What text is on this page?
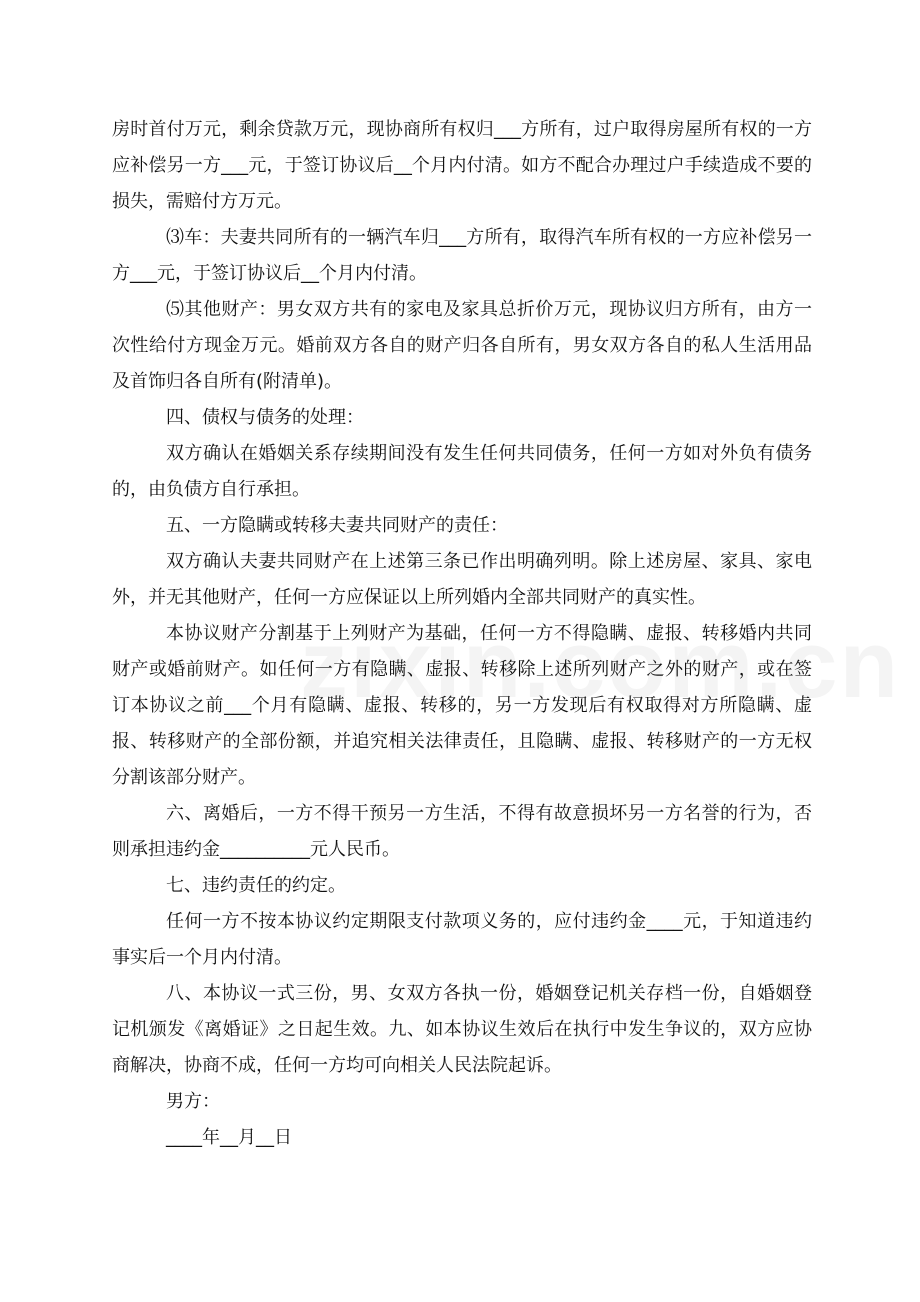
房时首付万元，剩余贷款万元，现协商所有权归___方所有，过户取得房屋所有权的一方应补偿另一方___元，于签订协议后__个月内付清。如方不配合办理过户手续造成不要的损失，需赔付方万元。

⑶车：夫妻共同所有的一辆汽车归___方所有，取得汽车所有权的一方应补偿另一方___元，于签订协议后__个月内付清。

⑸其他财产：男女双方共有的家电及家具总折价万元，现协议归方所有，由方一次性给付方现金万元。婚前双方各自的财产归各自所有，男女双方各自的私人生活用品及首饰归各自所有(附清单)。

四、债权与债务的处理：

双方确认在婚姻关系存续期间没有发生任何共同债务，任何一方如对外负有债务的，由负债方自行承担。

五、一方隐瞒或转移夫妻共同财产的责任：

双方确认夫妻共同财产在上述第三条已作出明确列明。除上述房屋、家具、家电外，并无其他财产，任何一方应保证以上所列婚内全部共同财产的真实性。

本协议财产分割基于上列财产为基础，任何一方不得隐瞒、虚报、转移婚内共同财产或婚前财产。如任何一方有隐瞒、虚报、转移除上述所列财产之外的财产，或在签订本协议之前___个月有隐瞒、虚报、转移的，另一方发现后有权取得对方所隐瞒、虚报、转移财产的全部份额，并追究相关法律责任，且隐瞒、虚报、转移财产的一方无权分割该部分财产。

六、离婚后，一方不得干预另一方生活，不得有故意损坏另一方名誉的行为，否则承担违约金__________元人民币。

七、违约责任的约定。

任何一方不按本协议约定期限支付款项义务的，应付违约金____元，于知道违约事实后一个月内付清。

八、本协议一式三份，男、女双方各执一份，婚姻登记机关存档一份，自婚姻登记机颁发《离婚证》之日起生效。九、如本协议生效后在执行中发生争议的，双方应协商解决，协商不成，任何一方均可向相关人民法院起诉。

男方：

____年__月__日
